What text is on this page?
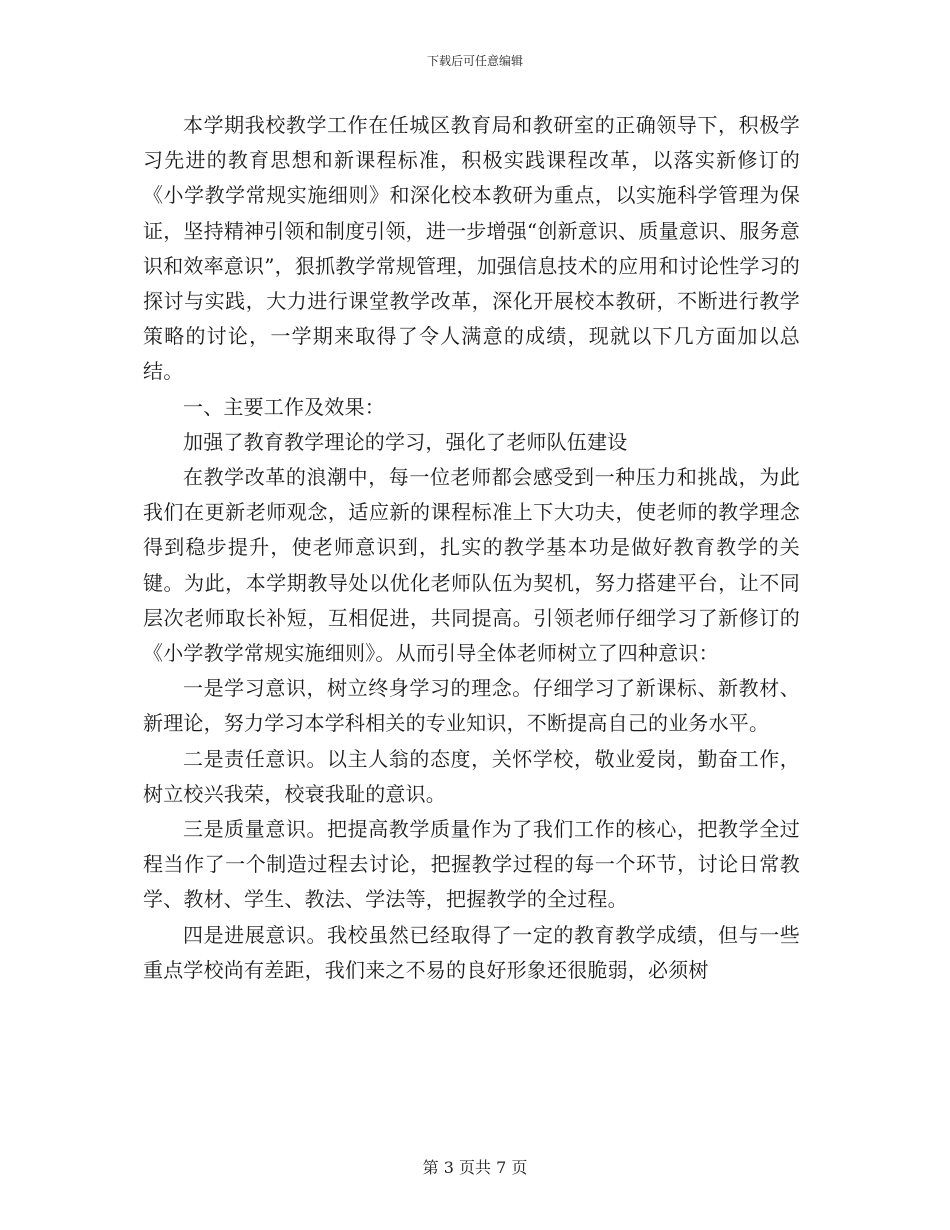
下载后可任意编辑

本学期我校教学工作在任城区教育局和教研室的正确领导下，积极学习先进的教育思想和新课程标准，积极实践课程改革，以落实新修订的《小学教学常规实施细则》和深化校本教研为重点，以实施科学管理为保证，坚持精神引领和制度引领，进一步增强“创新意识、质量意识、服务意识和效率意识”，狠抓教学常规管理，加强信息技术的应用和讨论性学习的探讨与实践，大力进行课堂教学改革，深化开展校本教研，不断进行教学策略的讨论，一学期来取得了令人满意的成绩，现就以下几方面加以总结。

一、主要工作及效果：

加强了教育教学理论的学习，强化了老师队伍建设

在教学改革的浪潮中，每一位老师都会感受到一种压力和挑战，为此我们在更新老师观念，适应新的课程标准上下大功夫，使老师的教学理念得到稳步提升，使老师意识到，扎实的教学基本功是做好教育教学的关键。为此，本学期教导处以优化老师队伍为契机，努力搭建平台，让不同层次老师取长补短，互相促进，共同提高。引领老师仔细学习了新修订的《小学教学常规实施细则》。从而引导全体老师树立了四种意识：

一是学习意识，树立终身学习的理念。仔细学习了新课标、新教材、新理论，努力学习本学科相关的专业知识，不断提高自己的业务水平。

二是责任意识。以主人翁的态度，关怀学校，敬业爱岗，勤奋工作，树立校兴我荣，校衰我耻的意识。

三是质量意识。把提高教学质量作为了我们工作的核心，把教学全过程当作了一个制造过程去讨论，把握教学过程的每一个环节，讨论日常教学、教材、学生、教法、学法等，把握教学的全过程。

四是进展意识。我校虽然已经取得了一定的教育教学成绩，但与一些重点学校尚有差距，我们来之不易的良好形象还很脆弱，必须树

第 3 页共 7 页
